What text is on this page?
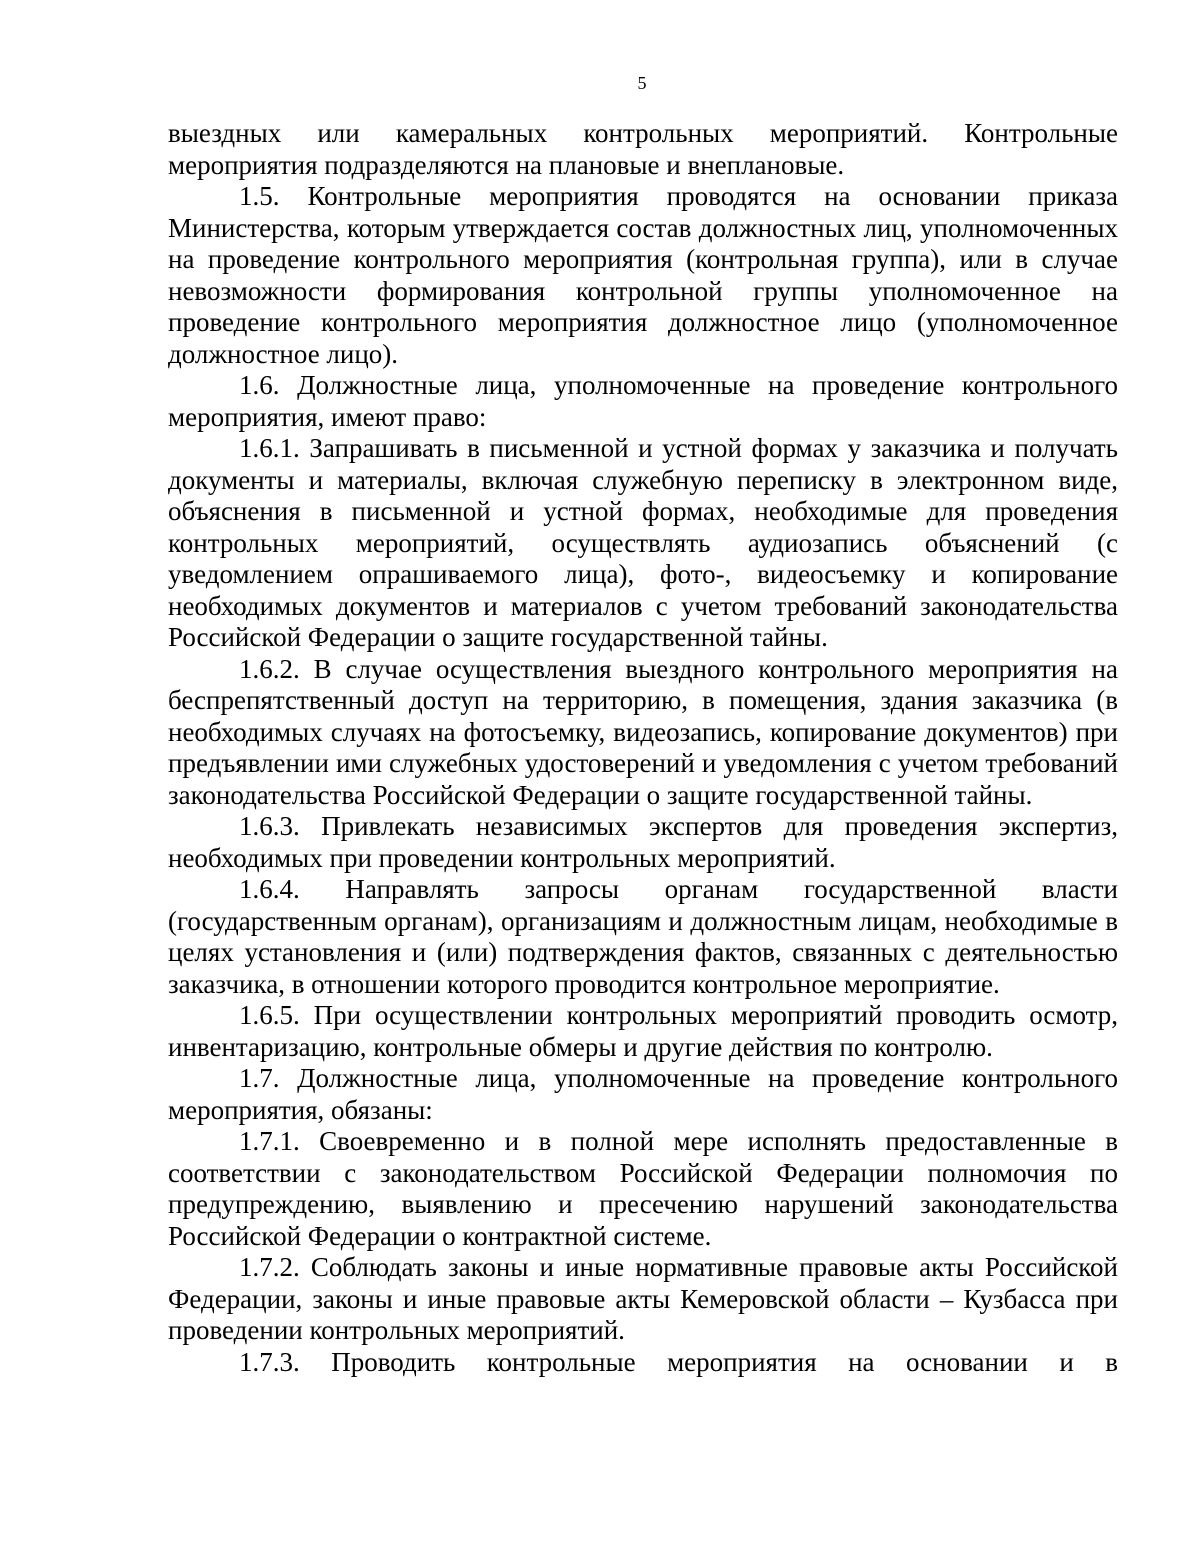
5

выездных или камеральных контрольных мероприятий. Контрольные мероприятия подразделяются на плановые и внеплановые.

1.5. Контрольные мероприятия проводятся на основании приказа Министерства, которым утверждается состав должностных лиц, уполномоченных на проведение контрольного мероприятия (контрольная группа), или в случае невозможности формирования контрольной группы уполномоченное на проведение контрольного мероприятия должностное лицо (уполномоченное должностное лицо).

1.6. Должностные лица, уполномоченные на проведение контрольного мероприятия, имеют право:

1.6.1. Запрашивать в письменной и устной формах у заказчика и получать документы и материалы, включая служебную переписку в электронном виде, объяснения в письменной и устной формах, необходимые для проведения контрольных мероприятий, осуществлять аудиозапись объяснений (с уведомлением опрашиваемого лица), фото-, видеосъемку и копирование необходимых документов и материалов с учетом требований законодательства Российской Федерации о защите государственной тайны.

1.6.2. В случае осуществления выездного контрольного мероприятия на беспрепятственный доступ на территорию, в помещения, здания заказчика (в необходимых случаях на фотосъемку, видеозапись, копирование документов) при предъявлении ими служебных удостоверений и уведомления с учетом требований законодательства Российской Федерации о защите государственной тайны.

1.6.3. Привлекать независимых экспертов для проведения экспертиз, необходимых при проведении контрольных мероприятий.

1.6.4. Направлять запросы органам государственной власти (государственным органам), организациям и должностным лицам, необходимые в целях установления и (или) подтверждения фактов, связанных с деятельностью заказчика, в отношении которого проводится контрольное мероприятие.

1.6.5. При осуществлении контрольных мероприятий проводить осмотр, инвентаризацию, контрольные обмеры и другие действия по контролю.

1.7. Должностные лица, уполномоченные на проведение контрольного мероприятия, обязаны:

1.7.1. Своевременно и в полной мере исполнять предоставленные в соответствии с законодательством Российской Федерации полномочия по предупреждению, выявлению и пресечению нарушений законодательства Российской Федерации о контрактной системе.

1.7.2. Соблюдать законы и иные нормативные правовые акты Российской Федерации, законы и иные правовые акты Кемеровской области – Кузбасса при проведении контрольных мероприятий.

1.7.3. Проводить контрольные мероприятия на основании и в
